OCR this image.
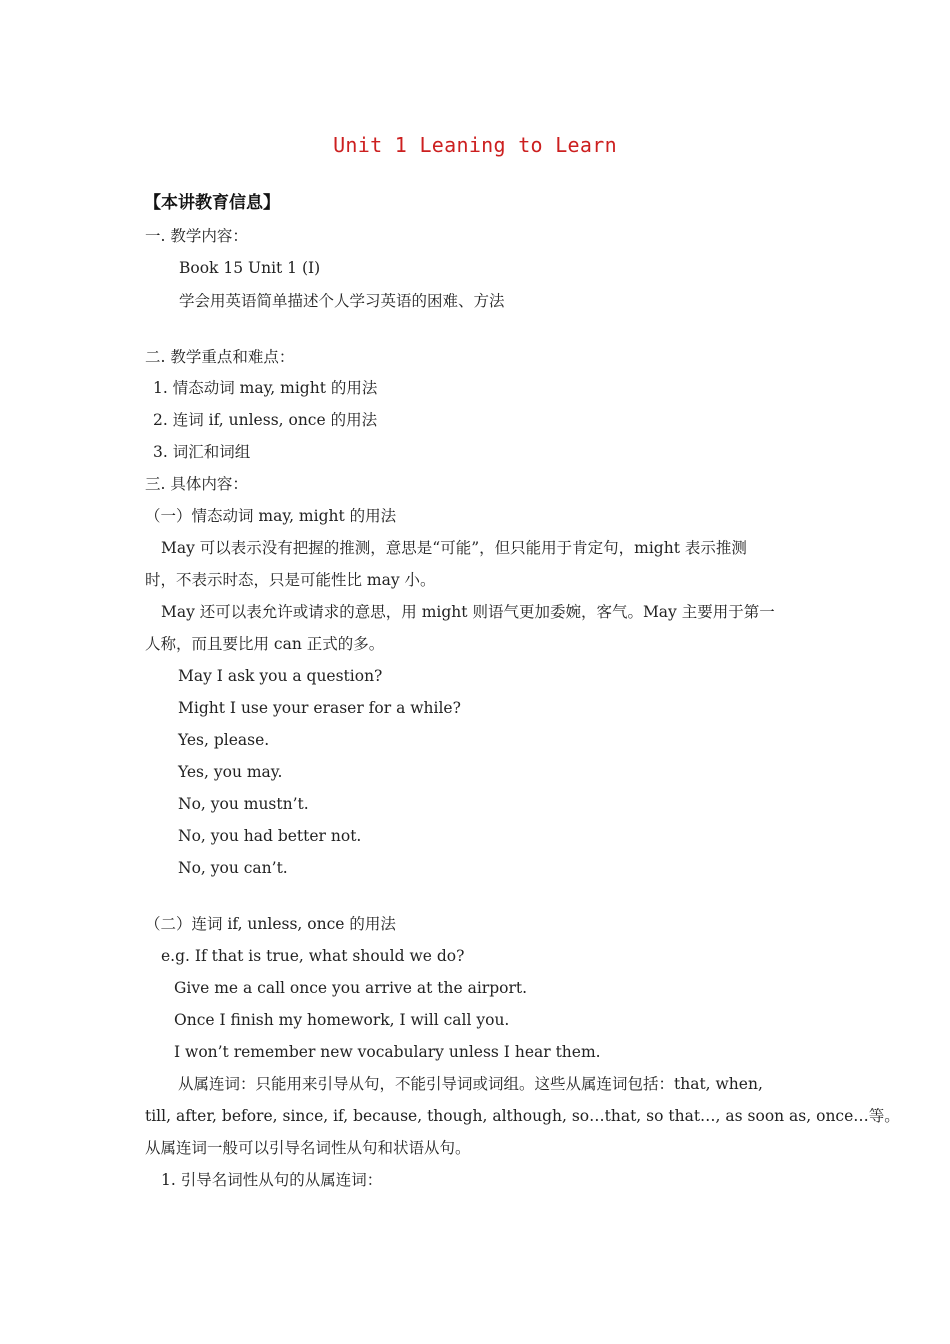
Unit 1 Leaning to Learn
【本讲教育信息】
一. 教学内容：
Book 15 Unit 1 (I)
学会用英语简单描述个人学习英语的困难、方法
二. 教学重点和难点：
1. 情态动词 may, might 的用法
2. 连词 if, unless, once 的用法
3. 词汇和词组
三. 具体内容：
（一）情态动词 may, might 的用法
May 可以表示没有把握的推测，意思是“可能”，但只能用于肯定句，might 表示推测
时，不表示时态，只是可能性比 may 小。
May 还可以表允许或请求的意思，用 might 则语气更加委婉，客气。May 主要用于第一
人称，而且要比用 can 正式的多。
May I ask you a question?
Might I use your eraser for a while?
Yes, please.
Yes, you may.
No, you mustn’t.
No, you had better not.
No, you can’t.
（二）连词 if, unless, once 的用法
e.g. If that is true, what should we do?
Give me a call once you arrive at the airport.
Once I finish my homework, I will call you.
I won’t remember new vocabulary unless I hear them.
从属连词：只能用来引导从句，不能引导词或词组。这些从属连词包括：that, when,
till, after, before, since, if, because, though, although, so…that, so that…, as soon as, once…等。
从属连词一般可以引导名词性从句和状语从句。
1. 引导名词性从句的从属连词：
